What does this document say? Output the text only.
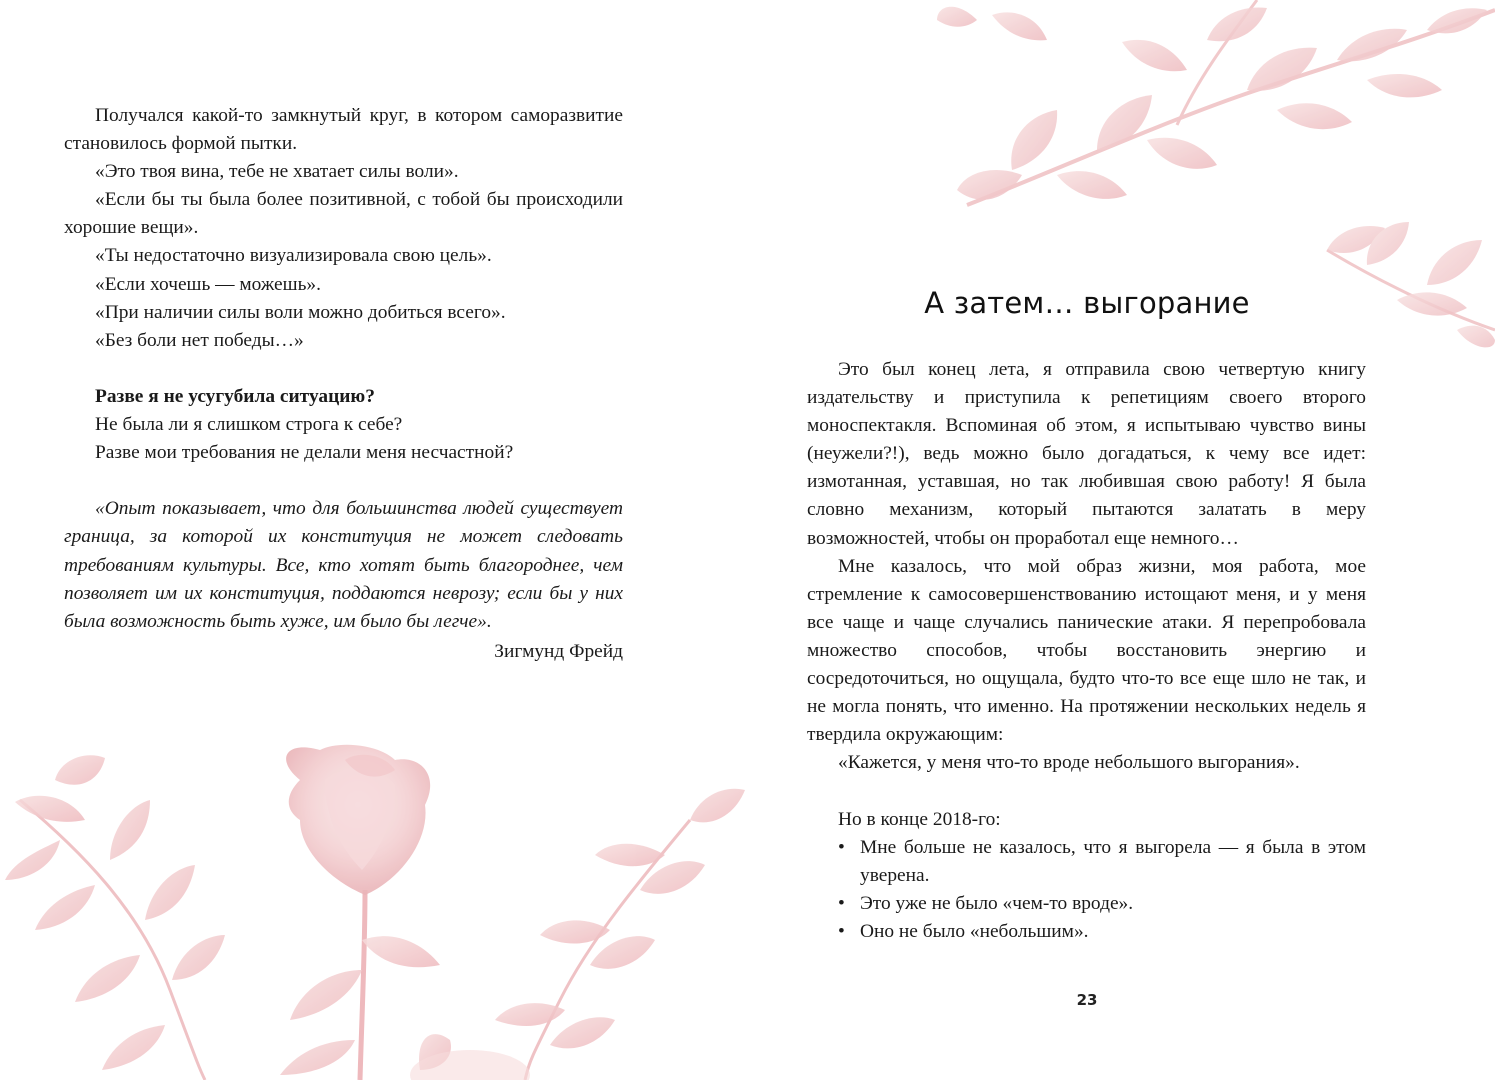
Получался какой-то замкнутый круг, в котором саморазвитие становилось формой пытки.

«Это твоя вина, тебе не хватает силы воли».

«Если бы ты была более позитивной, с тобой бы происходили хорошие вещи».

«Ты недостаточно визуализировала свою цель».

«Если хочешь — можешь».

«При наличии силы воли можно добиться всего».

«Без боли нет победы…»

Разве я не усугубила ситуацию?

Не была ли я слишком строга к себе?

Разве мои требования не делали меня несчастной?

«Опыт показывает, что для большинства людей существует граница, за которой их конституция не может следовать требованиям культуры. Все, кто хотят быть благороднее, чем позволяет им их конституция, поддаются неврозу; если бы у них была возможность быть хуже, им было бы легче».

Зигмунд Фрейд

А затем… выгорание

Это был конец лета, я отправила свою четвертую книгу издательству и приступила к репетициям своего второго моноспектакля. Вспоминая об этом, я испытываю чувство вины (неужели?!), ведь можно было догадаться, к чему все идет: измотанная, уставшая, но так любившая свою работу! Я была словно механизм, который пытаются залатать в меру возможностей, чтобы он проработал еще немного…

Мне казалось, что мой образ жизни, моя работа, мое стремление к самосовершенствованию истощают меня, и у меня все чаще и чаще случались панические атаки. Я перепробовала множество способов, чтобы восстановить энергию и сосредоточиться, но ощущала, будто что-то все еще шло не так, и не могла понять, что именно. На протяжении нескольких недель я твердила окружающим:

«Кажется, у меня что-то вроде небольшого выгорания».

Но в конце 2018-го:

• Мне больше не казалось, что я выгорела — я была в этом уверена.
• Это уже не было «чем-то вроде».
• Оно не было «небольшим».
23
